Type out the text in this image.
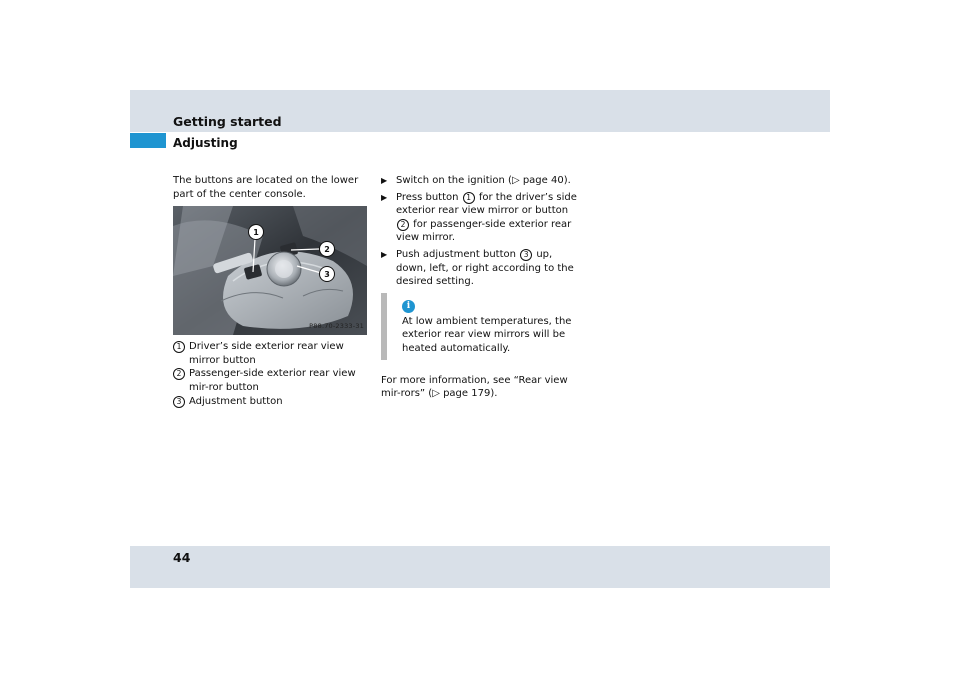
Getting started
Adjusting

The buttons are located on the lower part of the center console.

1
2
3
P88.70-2333-31
1 Driver’s side exterior rear view mirror button
2 Passenger-side exterior rear view mir-ror button
3 Adjustment button
▶ Switch on the ignition (▷ page 40).
▶ Press button 1 for the driver’s side exterior rear view mirror or button 2 for passenger-side exterior rear view mirror.
▶ Push adjustment button 3 up, down, left, or right according to the desired setting.
i

At low ambient temperatures, the exterior rear view mirrors will be heated automatically.

For more information, see “Rear view mir-rors” (▷ page 179).

44
